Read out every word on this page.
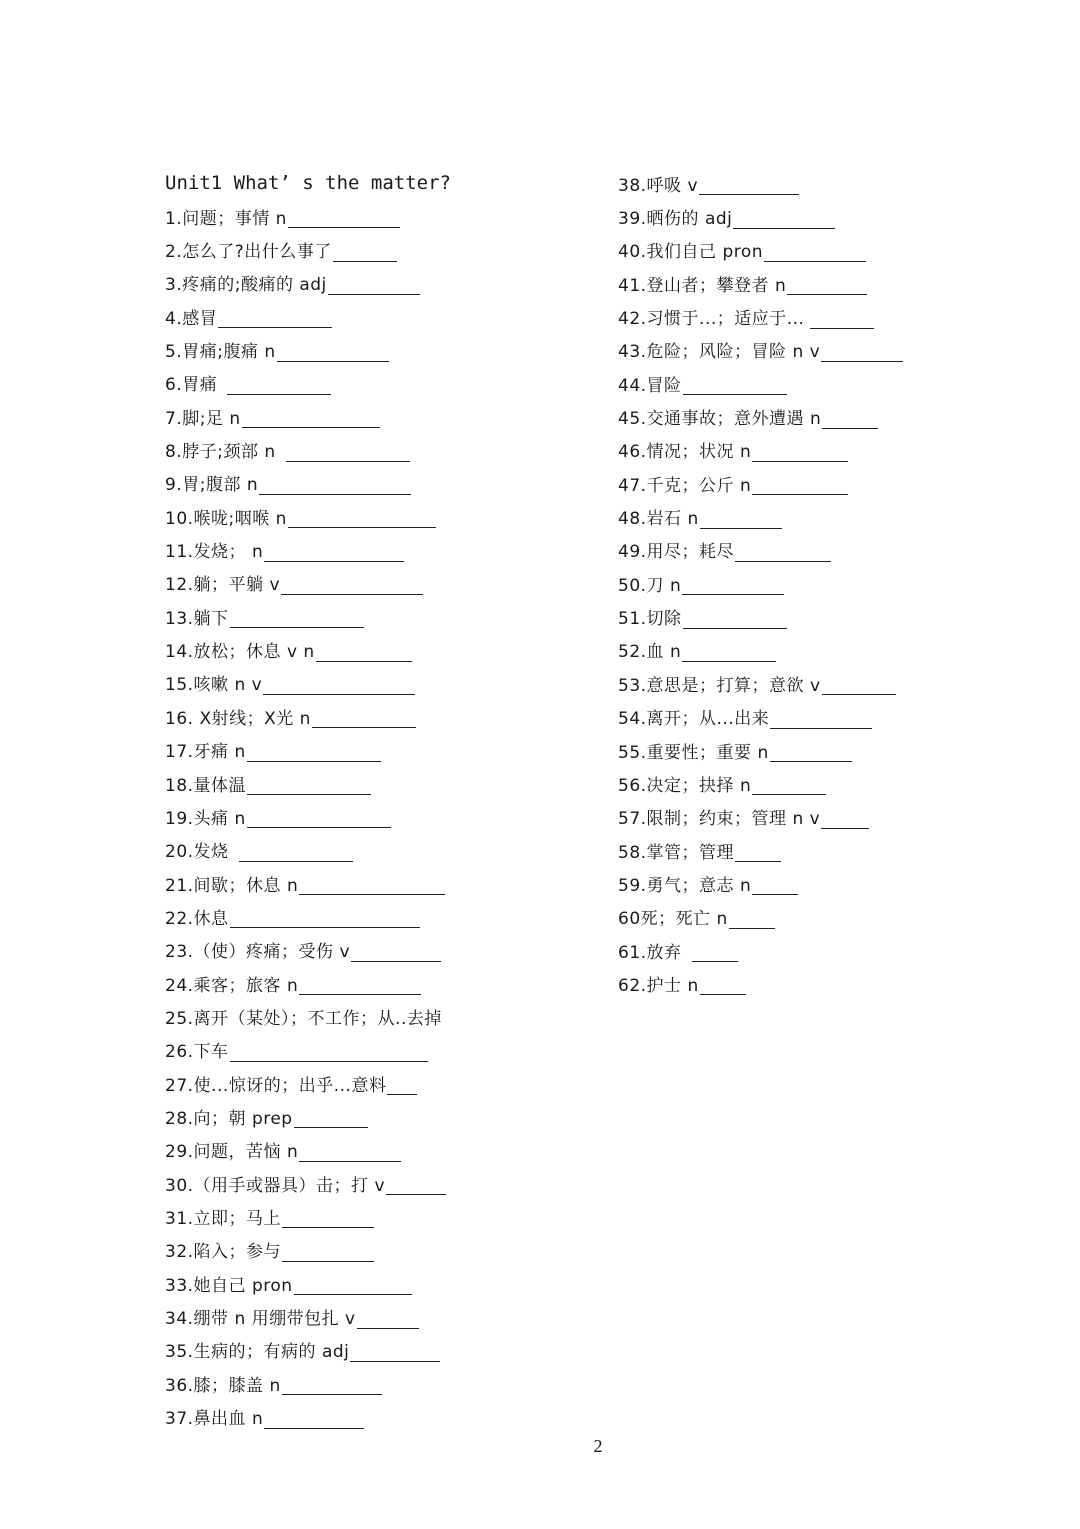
Unit1 What’ s the matter?
1.问题；事情 n
2.怎么了?出什么事了
3.疼痛的;酸痛的 adj
4.感冒
5.胃痛;腹痛 n
6.胃痛
7.脚;足 n
8.脖子;颈部 n
9.胃;腹部 n
10.喉咙;咽喉 n
11.发烧； n
12.躺；平躺 v
13.躺下
14.放松；休息 v n
15.咳嗽 n v
16. X射线；X光 n
17.牙痛 n
18.量体温
19.头痛 n
20.发烧
21.间歇；休息 n
22.休息
23.（使）疼痛；受伤 v
24.乘客；旅客 n
25.离开（某处）；不工作；从..去掉
26.下车
27.使...惊讶的；出乎...意料
28.向；朝 prep
29.问题，苦恼 n
30.（用手或器具）击；打 v
31.立即；马上
32.陷入；参与
33.她自己 pron
34.绷带 n 用绷带包扎 v
35.生病的；有病的 adj
36.膝；膝盖 n
37.鼻出血 n
38.呼吸 v
39.晒伤的 adj
40.我们自己 pron
41.登山者；攀登者 n
42.习惯于...；适应于...
43.危险；风险；冒险 n v
44.冒险
45.交通事故；意外遭遇 n
46.情况；状况 n
47.千克；公斤 n
48.岩石 n
49.用尽；耗尽
50.刀 n
51.切除
52.血 n
53.意思是；打算；意欲 v
54.离开；从...出来
55.重要性；重要 n
56.决定；抉择 n
57.限制；约束；管理 n v
58.掌管；管理
59.勇气；意志 n
60死；死亡 n
61.放弃
62.护士 n
2
